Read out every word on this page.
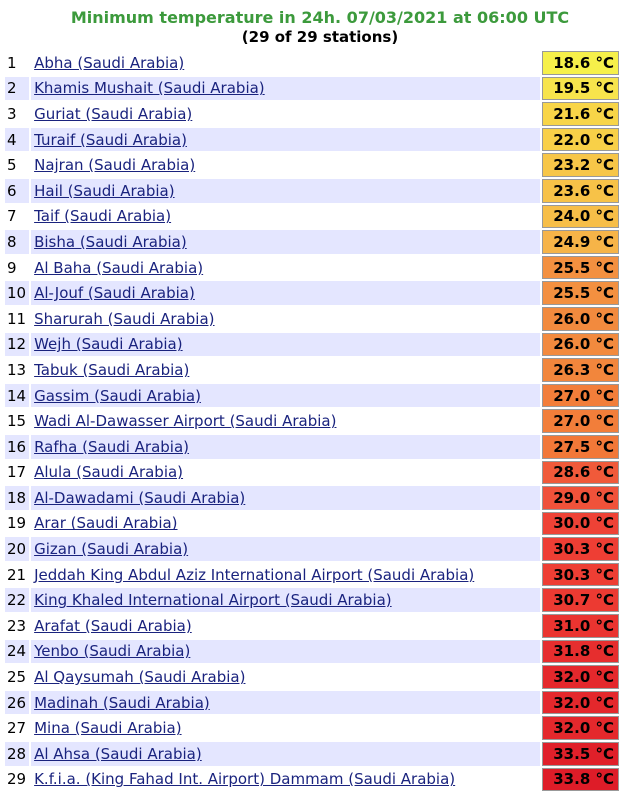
Minimum temperature in 24h. 07/03/2021 at 06:00 UTC
(29 of 29 stations)
1	Abha (Saudi Arabia)	18.6 °C
2	Khamis Mushait (Saudi Arabia)	19.5 °C
3	Guriat (Saudi Arabia)	21.6 °C
4	Turaif (Saudi Arabia)	22.0 °C
5	Najran (Saudi Arabia)	23.2 °C
6	Hail (Saudi Arabia)	23.6 °C
7	Taif (Saudi Arabia)	24.0 °C
8	Bisha (Saudi Arabia)	24.9 °C
9	Al Baha (Saudi Arabia)	25.5 °C
10	Al-Jouf (Saudi Arabia)	25.5 °C
11	Sharurah (Saudi Arabia)	26.0 °C
12	Wejh (Saudi Arabia)	26.0 °C
13	Tabuk (Saudi Arabia)	26.3 °C
14	Gassim (Saudi Arabia)	27.0 °C
15	Wadi Al-Dawasser Airport (Saudi Arabia)	27.0 °C
16	Rafha (Saudi Arabia)	27.5 °C
17	Alula (Saudi Arabia)	28.6 °C
18	Al-Dawadami (Saudi Arabia)	29.0 °C
19	Arar (Saudi Arabia)	30.0 °C
20	Gizan (Saudi Arabia)	30.3 °C
21	Jeddah King Abdul Aziz International Airport (Saudi Arabia)	30.3 °C
22	King Khaled International Airport (Saudi Arabia)	30.7 °C
23	Arafat (Saudi Arabia)	31.0 °C
24	Yenbo (Saudi Arabia)	31.8 °C
25	Al Qaysumah (Saudi Arabia)	32.0 °C
26	Madinah (Saudi Arabia)	32.0 °C
27	Mina (Saudi Arabia)	32.0 °C
28	Al Ahsa (Saudi Arabia)	33.5 °C
29	K.f.i.a. (King Fahad Int. Airport) Dammam (Saudi Arabia)	33.8 °C
